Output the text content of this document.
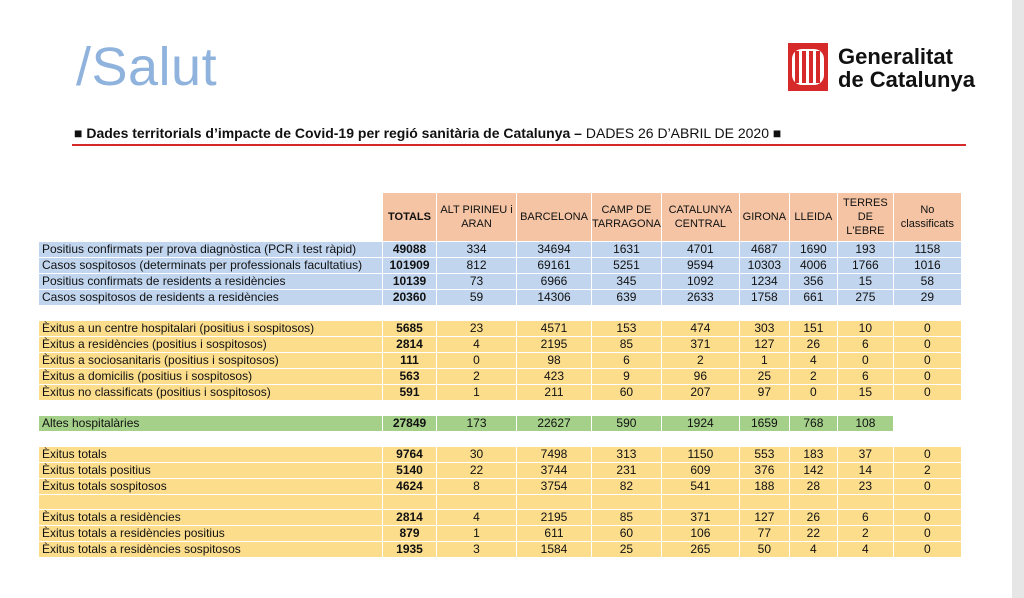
/Salut	Generalitat
de Catalunya
■ Dades territorials d’impacte de Covid-19 per regió sanitària de Catalunya – DADES 26 D’ABRIL DE 2020 ■
	TOTALS	ALT PIRINEU i ARAN	BARCELONA	CAMP DE TARRAGONA	CATALUNYA CENTRAL	GIRONA	LLEIDA	TERRES DE L'EBRE	No classificats
Positius confirmats per prova diagnòstica (PCR i test ràpid)	49088	334	34694	1631	4701	4687	1690	193	1158
Casos sospitosos (determinats per professionals facultatius)	101909	812	69161	5251	9594	10303	4006	1766	1016
Positius confirmats de residents a residències	10139	73	6966	345	1092	1234	356	15	58
Casos sospitosos de residents a residències	20360	59	14306	639	2633	1758	661	275	29

Èxitus a un centre hospitalari (positius i sospitosos)	5685	23	4571	153	474	303	151	10	0
Èxitus a residències (positius i sospitosos)	2814	4	2195	85	371	127	26	6	0
Èxitus a sociosanitaris (positius i sospitosos)	111	0	98	6	2	1	4	0	0
Èxitus a domicilis (positius i sospitosos)	563	2	423	9	96	25	2	6	0
Èxitus no classificats (positius i sospitosos)	591	1	211	60	207	97	0	15	0

Altes hospitalàries	27849	173	22627	590	1924	1659	768	108	

Èxitus totals	9764	30	7498	313	1150	553	183	37	0
Èxitus totals positius	5140	22	3744	231	609	376	142	14	2
Èxitus totals sospitosos	4624	8	3754	82	541	188	28	23	0

Èxitus totals a residències	2814	4	2195	85	371	127	26	6	0
Èxitus totals a residències positius	879	1	611	60	106	77	22	2	0
Èxitus totals a residències sospitosos	1935	3	1584	25	265	50	4	4	0
